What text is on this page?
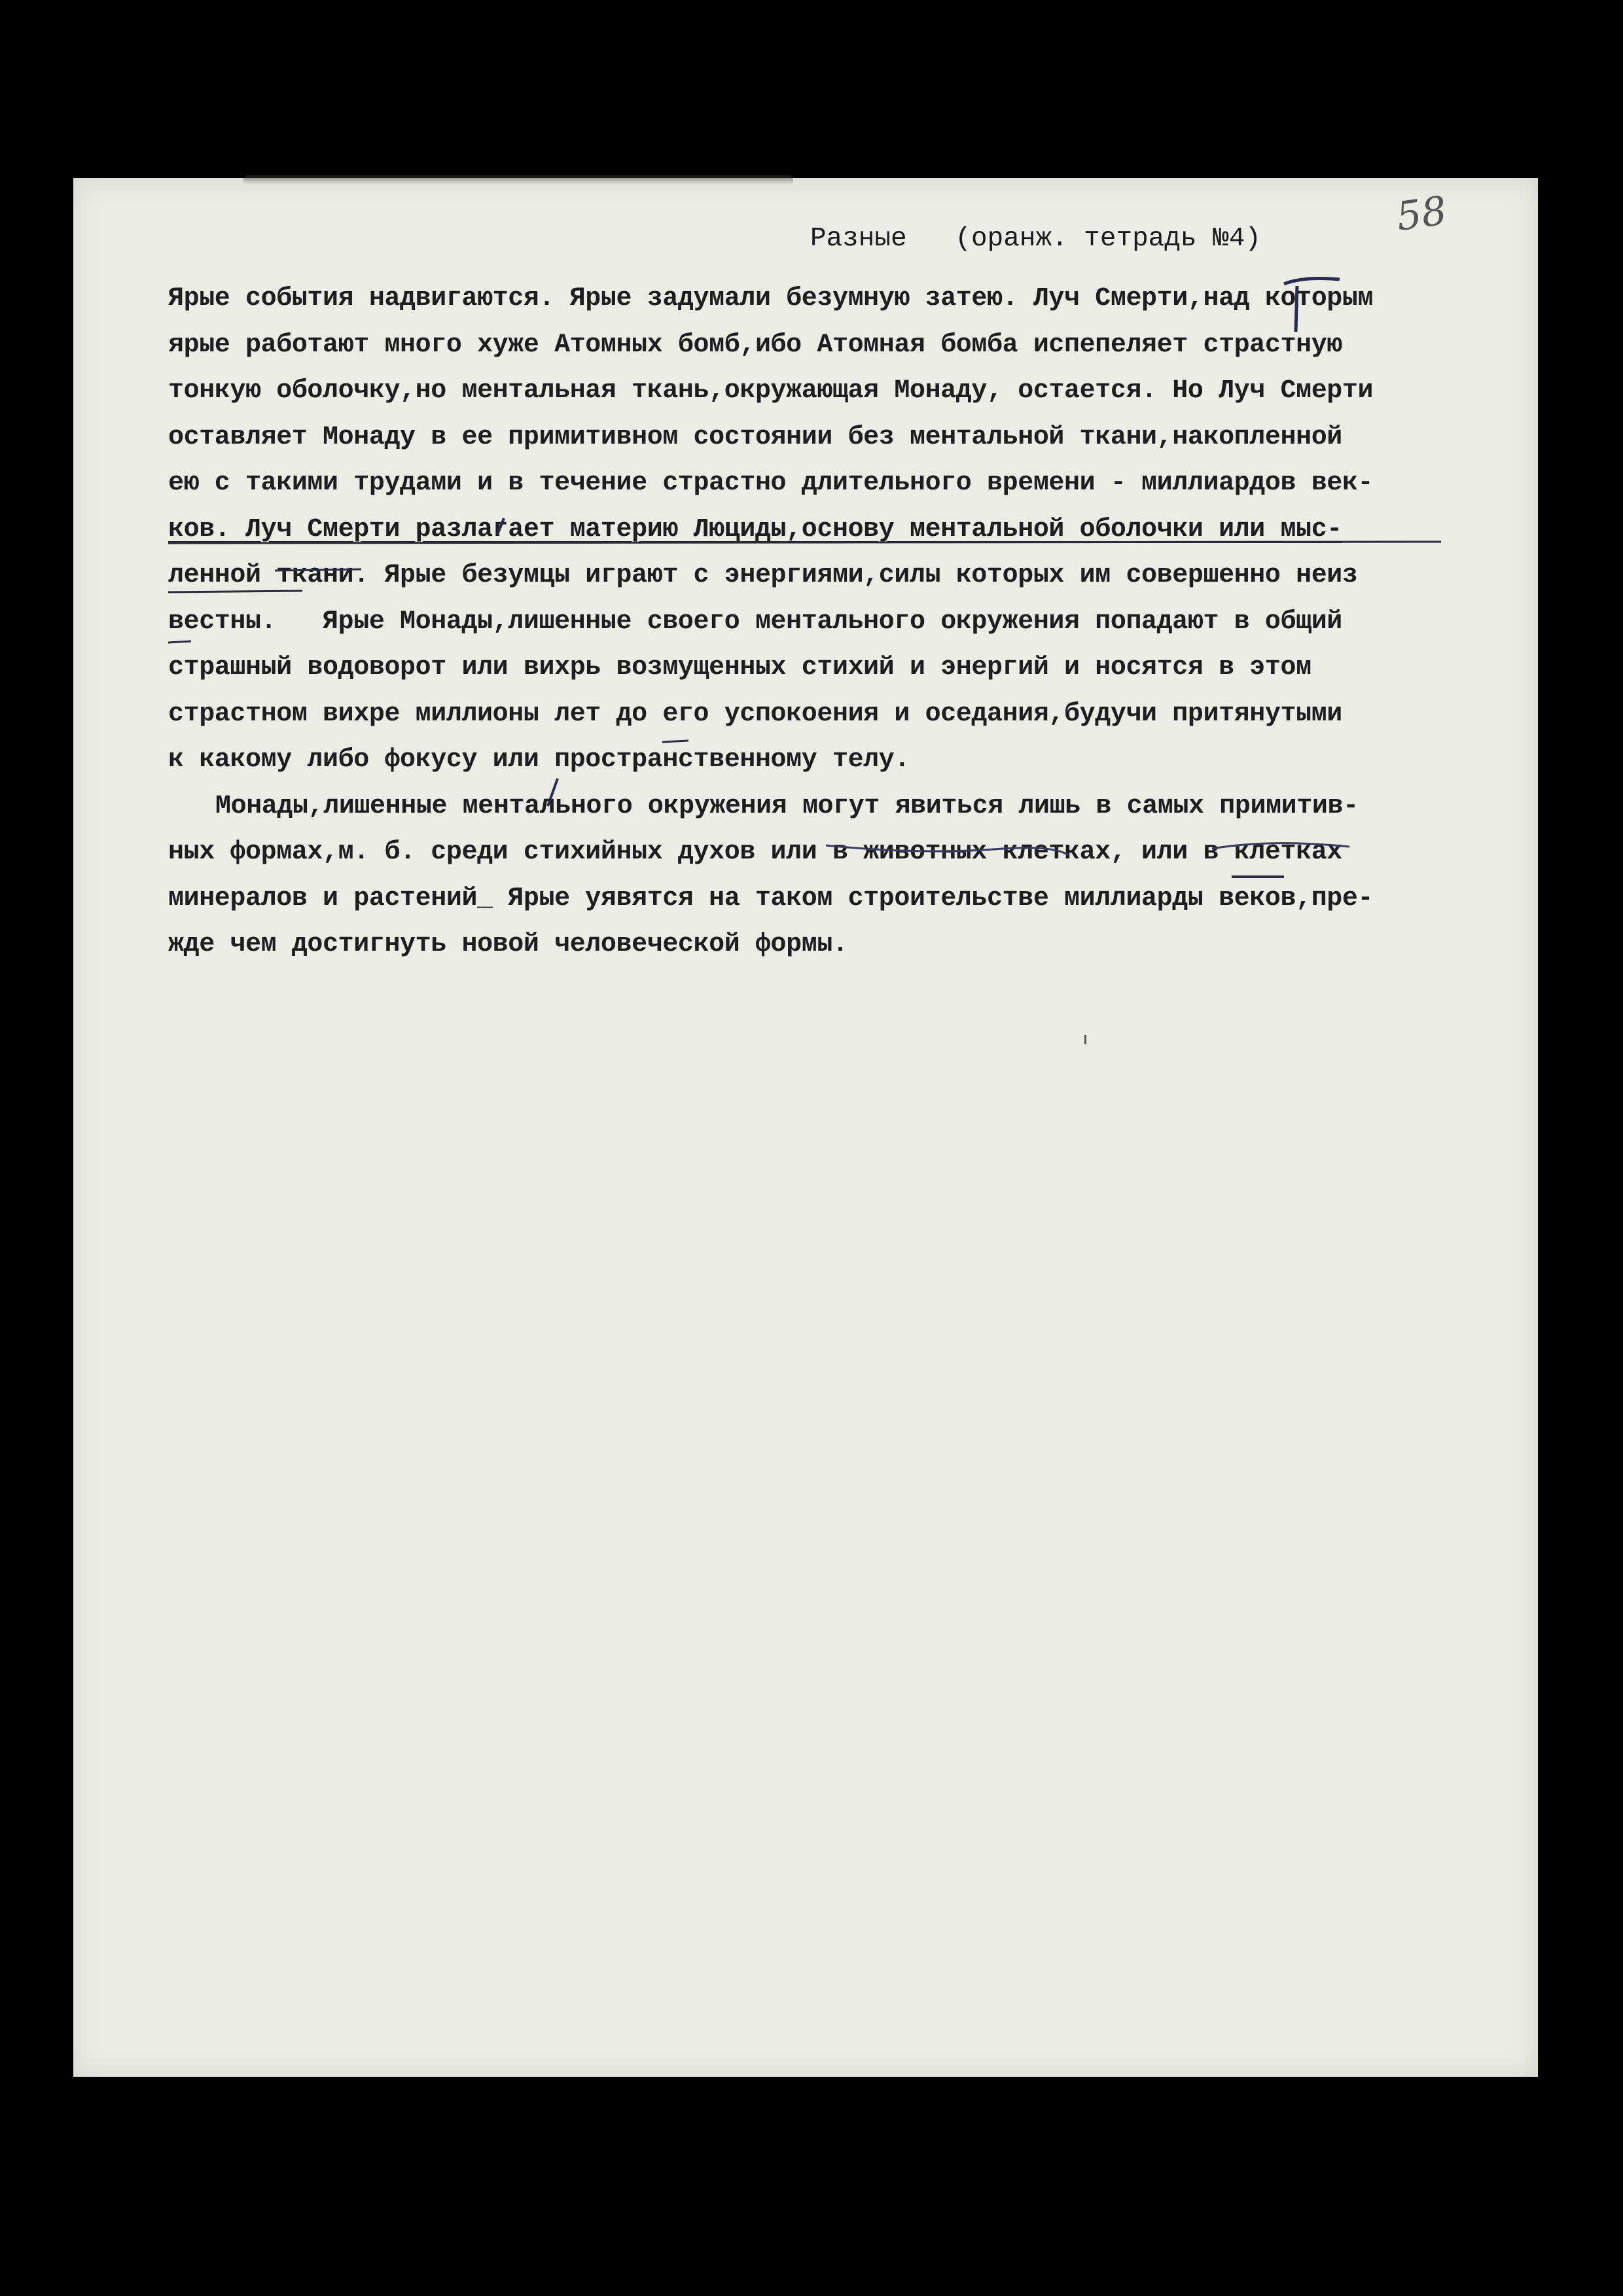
58
Разные   (оранж. тетрадь №4)
Ярые события надвигаются. Ярые задумали безумную затею. Луч Смерти,над которым
ярые работают много хуже Атомных бомб,ибо Атомная бомба испепеляет страстную
тонкую оболочку,но ментальная ткань,окружающая Монаду, остается. Но Луч Смерти
оставляет Монаду в ее примитивном состоянии без ментальной ткани,накопленной
ею с такими трудами и в течение страстно длительного времени - миллиардов век-
ков. Луч Смерти разлагает материю Люциды,основу ментальной оболочки или мыс-
ленной ткани. Ярые безумцы играют с энергиями,силы которых им совершенно неиз
вестны.   Ярые Монады,лишенные своего ментального окружения попадают в общий
страшный водоворот или вихрь возмущенных стихий и энергий и носятся в этом
страстном вихре миллионы лет до его успокоения и оседания,будучи притянутыми
к какому либо фокусу или пространственному телу.
Монады,лишенные ментального окружения могут явиться лишь в самых примитив-
ных формах,м. б. среди стихийных духов или в животных клетках, или в клетках
минералов и растений_ Ярые уявятся на таком строительстве миллиарды веков,пре-
жде чем достигнуть новой человеческой формы.
